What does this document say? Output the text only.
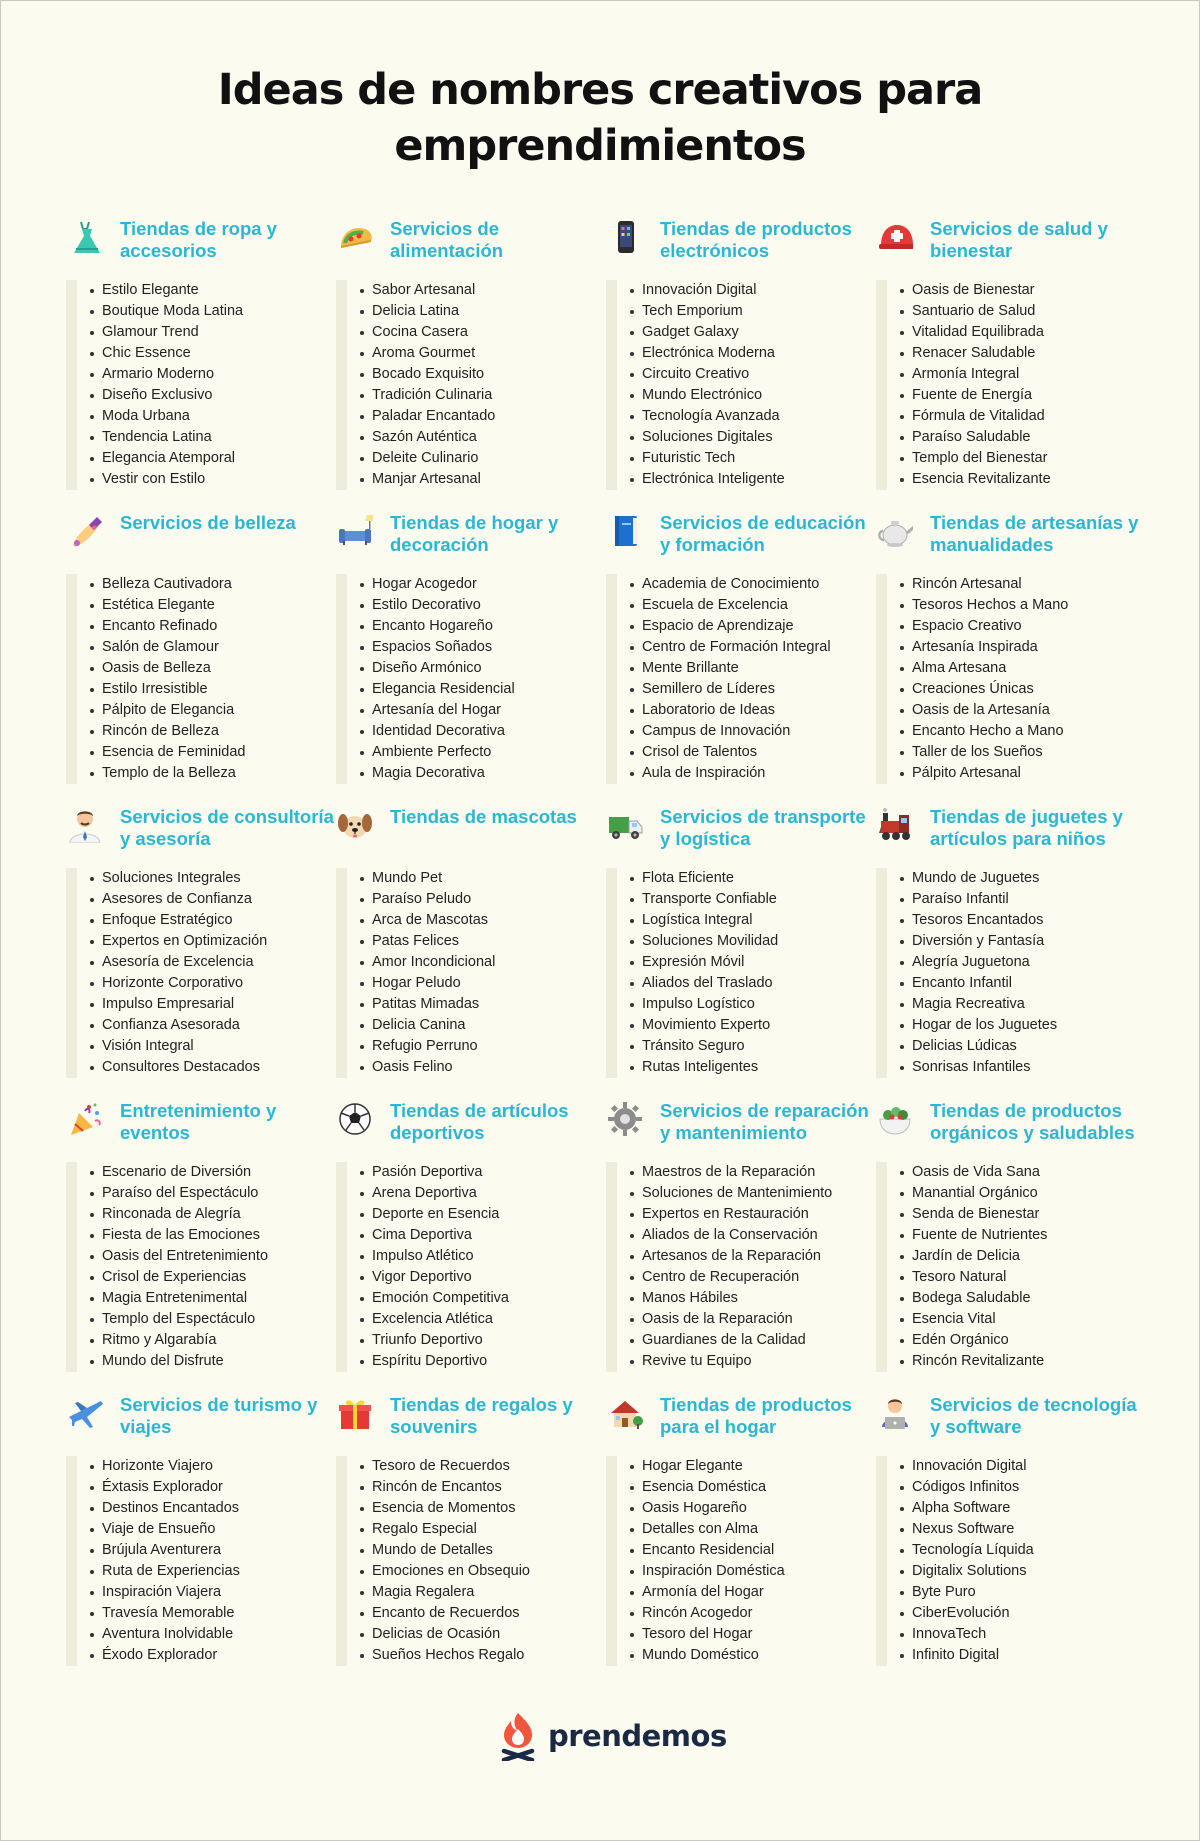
Ideas de nombres creativos para emprendimientos
Tiendas de ropa y accesorios
Estilo Elegante
Boutique Moda Latina
Glamour Trend
Chic Essence
Armario Moderno
Diseño Exclusivo
Moda Urbana
Tendencia Latina
Elegancia Atemporal
Vestir con Estilo
Servicios de alimentación
Sabor Artesanal
Delicia Latina
Cocina Casera
Aroma Gourmet
Bocado Exquisito
Tradición Culinaria
Paladar Encantado
Sazón Auténtica
Deleite Culinario
Manjar Artesanal
Tiendas de productos electrónicos
Innovación Digital
Tech Emporium
Gadget Galaxy
Electrónica Moderna
Circuito Creativo
Mundo Electrónico
Tecnología Avanzada
Soluciones Digitales
Futuristic Tech
Electrónica Inteligente
Servicios de salud y bienestar
Oasis de Bienestar
Santuario de Salud
Vitalidad Equilibrada
Renacer Saludable
Armonía Integral
Fuente de Energía
Fórmula de Vitalidad
Paraíso Saludable
Templo del Bienestar
Esencia Revitalizante
Servicios de belleza
Belleza Cautivadora
Estética Elegante
Encanto Refinado
Salón de Glamour
Oasis de Belleza
Estilo Irresistible
Pálpito de Elegancia
Rincón de Belleza
Esencia de Feminidad
Templo de la Belleza
Tiendas de hogar y decoración
Hogar Acogedor
Estilo Decorativo
Encanto Hogareño
Espacios Soñados
Diseño Armónico
Elegancia Residencial
Artesanía del Hogar
Identidad Decorativa
Ambiente Perfecto
Magia Decorativa
Servicios de educación y formación
Academia de Conocimiento
Escuela de Excelencia
Espacio de Aprendizaje
Centro de Formación Integral
Mente Brillante
Semillero de Líderes
Laboratorio de Ideas
Campus de Innovación
Crisol de Talentos
Aula de Inspiración
Tiendas de artesanías y manualidades
Rincón Artesanal
Tesoros Hechos a Mano
Espacio Creativo
Artesanía Inspirada
Alma Artesana
Creaciones Únicas
Oasis de la Artesanía
Encanto Hecho a Mano
Taller de los Sueños
Pálpito Artesanal
Servicios de consultoría y asesoría
Soluciones Integrales
Asesores de Confianza
Enfoque Estratégico
Expertos en Optimización
Asesoría de Excelencia
Horizonte Corporativo
Impulso Empresarial
Confianza Asesorada
Visión Integral
Consultores Destacados
Tiendas de mascotas
Mundo Pet
Paraíso Peludo
Arca de Mascotas
Patas Felices
Amor Incondicional
Hogar Peludo
Patitas Mimadas
Delicia Canina
Refugio Perruno
Oasis Felino
Servicios de transporte y logística
Flota Eficiente
Transporte Confiable
Logística Integral
Soluciones Movilidad
Expresión Móvil
Aliados del Traslado
Impulso Logístico
Movimiento Experto
Tránsito Seguro
Rutas Inteligentes
Tiendas de juguetes y artículos para niños
Mundo de Juguetes
Paraíso Infantil
Tesoros Encantados
Diversión y Fantasía
Alegría Juguetona
Encanto Infantil
Magia Recreativa
Hogar de los Juguetes
Delicias Lúdicas
Sonrisas Infantiles
Entretenimiento y eventos
Escenario de Diversión
Paraíso del Espectáculo
Rinconada de Alegría
Fiesta de las Emociones
Oasis del Entretenimiento
Crisol de Experiencias
Magia Entretenimental
Templo del Espectáculo
Ritmo y Algarabía
Mundo del Disfrute
Tiendas de artículos deportivos
Pasión Deportiva
Arena Deportiva
Deporte en Esencia
Cima Deportiva
Impulso Atlético
Vigor Deportivo
Emoción Competitiva
Excelencia Atlética
Triunfo Deportivo
Espíritu Deportivo
Servicios de reparación y mantenimiento
Maestros de la Reparación
Soluciones de Mantenimiento
Expertos en Restauración
Aliados de la Conservación
Artesanos de la Reparación
Centro de Recuperación
Manos Hábiles
Oasis de la Reparación
Guardianes de la Calidad
Revive tu Equipo
Tiendas de productos orgánicos y saludables
Oasis de Vida Sana
Manantial Orgánico
Senda de Bienestar
Fuente de Nutrientes
Jardín de Delicia
Tesoro Natural
Bodega Saludable
Esencia Vital
Edén Orgánico
Rincón Revitalizante
Servicios de turismo y viajes
Horizonte Viajero
Éxtasis Explorador
Destinos Encantados
Viaje de Ensueño
Brújula Aventurera
Ruta de Experiencias
Inspiración Viajera
Travesía Memorable
Aventura Inolvidable
Éxodo Explorador
Tiendas de regalos y souvenirs
Tesoro de Recuerdos
Rincón de Encantos
Esencia de Momentos
Regalo Especial
Mundo de Detalles
Emociones en Obsequio
Magia Regalera
Encanto de Recuerdos
Delicias de Ocasión
Sueños Hechos Regalo
Tiendas de productos para el hogar
Hogar Elegante
Esencia Doméstica
Oasis Hogareño
Detalles con Alma
Encanto Residencial
Inspiración Doméstica
Armonía del Hogar
Rincón Acogedor
Tesoro del Hogar
Mundo Doméstico
Servicios de tecnología y software
Innovación Digital
Códigos Infinitos
Alpha Software
Nexus Software
Tecnología Líquida
Digitalix Solutions
Byte Puro
CiberEvolución
InnovaTech
Infinito Digital
prendemos
